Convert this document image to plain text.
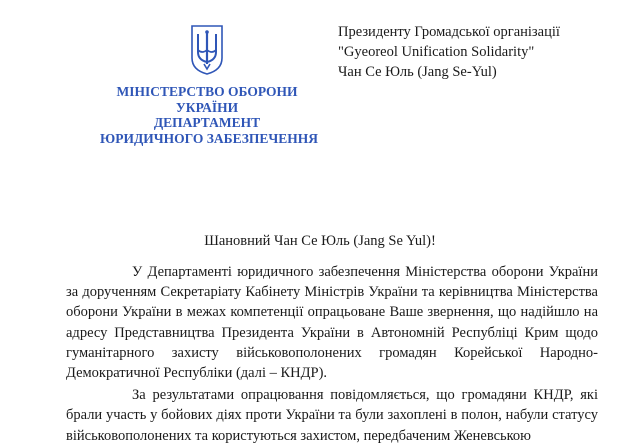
МІНІСТЕРСТВО ОБОРОНИ
УКРАЇНИ
ДЕПАРТАМЕНТ
ЮРИДИЧНОГО ЗАБЕЗПЕЧЕННЯ
Президенту Громадської організації
"Gyeoreol Unification Solidarity"
Чан Се Юль (Jang Se-Yul)
Шановний Чан Се Юль (Jang Se Yul)!

У Департаменті юридичного забезпечення Міністерства оборони України за дорученням Секретаріату Кабінету Міністрів України та керівництва Міністерства оборони України в межах компетенції опрацьоване Ваше звернення, що надійшло на адресу Представництва Президента України в Автономній Республіці Крим щодо гуманітарного захисту військовополонених громадян Корейської Народно-Демократичної Республіки (далі – КНДР).

За результатами опрацювання повідомляється, що громадяни КНДР, які брали участь у бойових діях проти України та були захоплені в полон, набули статусу військовополонених та користуються захистом, передбаченим Женевською
